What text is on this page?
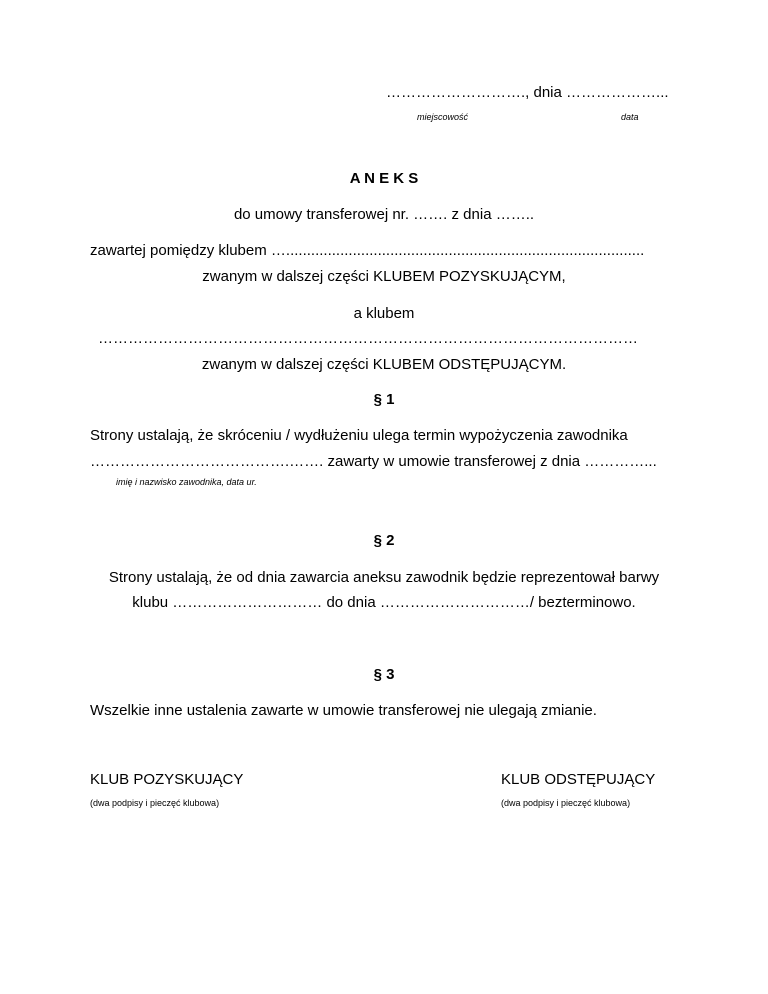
………………………., dnia ………………...
miejscowość	data
A N E K S
do umowy transferowej nr. ……. z dnia ……..
zawartej pomiędzy klubem …......................................................................................
zwanym w dalszej części KLUBEM POZYSKUJĄCYM,
a klubem
………………………………………………………………………………………………
zwanym w dalszej części KLUBEM ODSTĘPUJĄCYM.
§ 1
Strony ustalają, że skróceniu / wydłużeniu ulega termin wypożyczenia zawodnika
………………………………….……. zawarty w umowie transferowej z dnia …………...
imię i nazwisko zawodnika, data ur.
§ 2
Strony ustalają, że od dnia zawarcia aneksu zawodnik będzie reprezentował barwy
klubu ………………………… do dnia …………………………/ bezterminowo.
§ 3
Wszelkie inne ustalenia zawarte w umowie transferowej nie ulegają zmianie.
KLUB POZYSKUJĄCY
(dwa podpisy i pieczęć klubowa)
KLUB ODSTĘPUJĄCY
(dwa podpisy i pieczęć klubowa)
